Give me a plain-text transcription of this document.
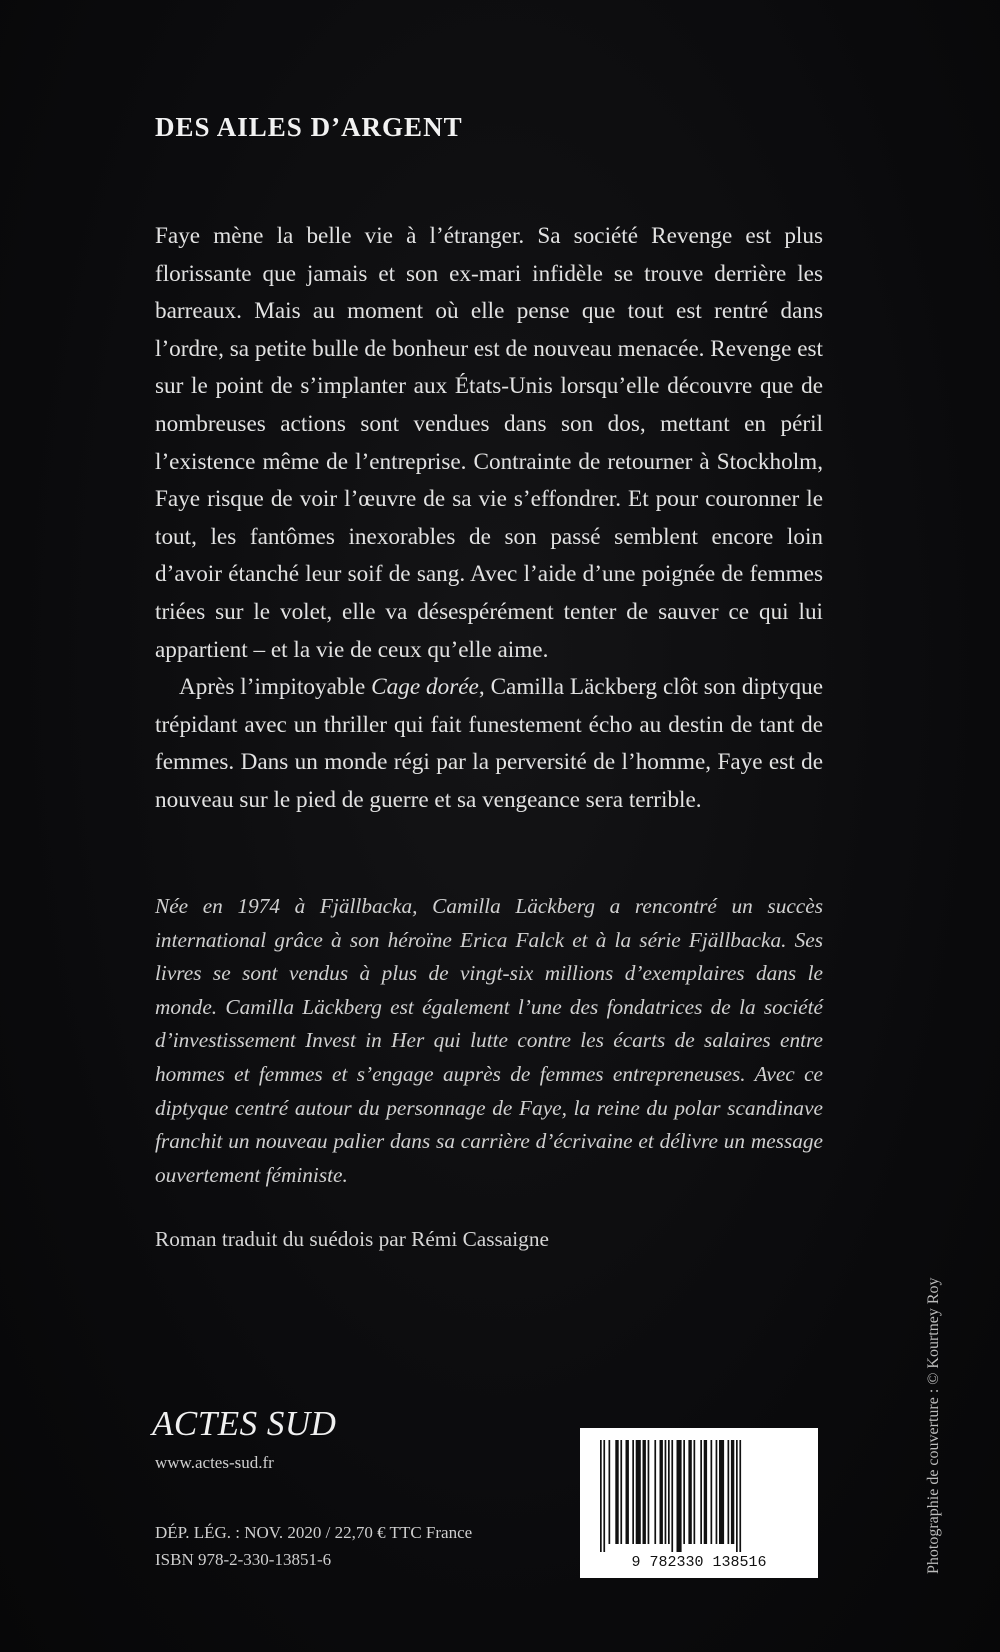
DES AILES D’ARGENT

Faye mène la belle vie à l’étranger. Sa société Revenge est plus florissante que jamais et son ex-mari infidèle se trouve derrière les barreaux. Mais au moment où elle pense que tout est rentré dans l’ordre, sa petite bulle de bonheur est de nouveau menacée. Revenge est sur le point de s’implanter aux États-Unis lorsqu’elle découvre que de nombreuses actions sont vendues dans son dos, mettant en péril l’existence même de l’entreprise. Contrainte de retourner à Stockholm, Faye risque de voir l’œuvre de sa vie s’effondrer. Et pour couronner le tout, les fantômes inexorables de son passé semblent encore loin d’avoir étanché leur soif de sang. Avec l’aide d’une poignée de femmes triées sur le volet, elle va désespérément tenter de sauver ce qui lui appartient – et la vie de ceux qu’elle aime.

Après l’impitoyable Cage dorée, Camilla Läckberg clôt son diptyque trépidant avec un thriller qui fait funestement écho au destin de tant de femmes. Dans un monde régi par la perversité de l’homme, Faye est de nouveau sur le pied de guerre et sa vengeance sera terrible.

Née en 1974 à Fjällbacka, Camilla Läckberg a rencontré un succès international grâce à son héroïne Erica Falck et à la série Fjällbacka. Ses livres se sont vendus à plus de vingt-six millions d’exemplaires dans le monde. Camilla Läckberg est également l’une des fondatrices de la société d’investissement Invest in Her qui lutte contre les écarts de salaires entre hommes et femmes et s’engage auprès de femmes entrepreneuses. Avec ce diptyque centré autour du personnage de Faye, la reine du polar scandinave franchit un nouveau palier dans sa carrière d’écrivaine et délivre un message ouvertement féministe.
Roman traduit du suédois par Rémi Cassaigne
ACTES SUD
www.actes-sud.fr
DÉP. LÉG. : NOV. 2020 / 22,70 € TTC France
ISBN 978-2-330-13851-6	9 782330 138516	Photographie de couverture : © Kourtney Roy
